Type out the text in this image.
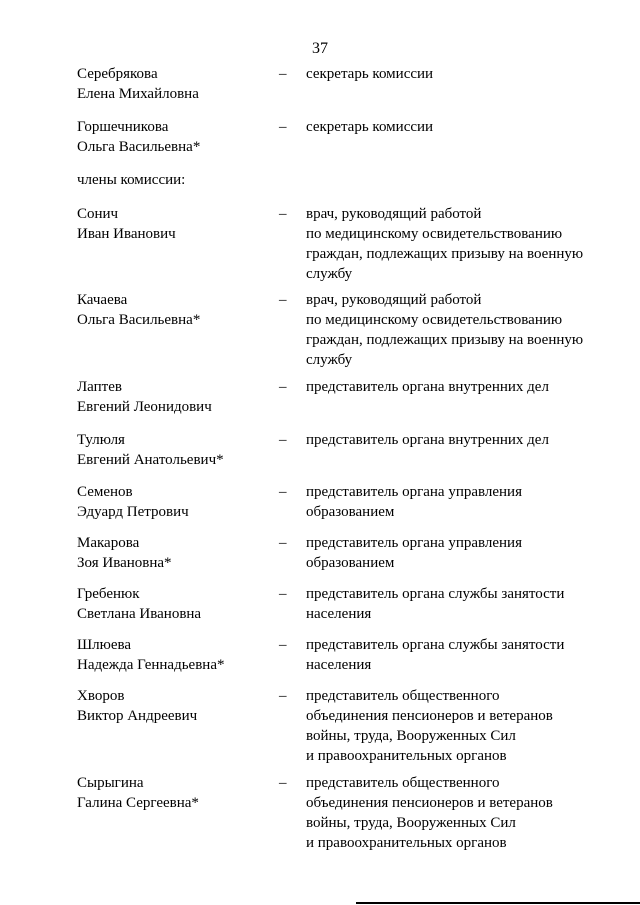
37
Серебрякова
Елена Михайловна
– секретарь комиссии
Горшечникова
Ольга Васильевна*
– секретарь комиссии
члены комиссии:
Сонич
Иван Иванович
– врач, руководящий работой
по медицинскому освидетельствованию
граждан, подлежащих призыву на военную
службу
Качаева
Ольга Васильевна*
– врач, руководящий работой
по медицинскому освидетельствованию
граждан, подлежащих призыву на военную
службу
Лаптев
Евгений Леонидович
– представитель органа внутренних дел
Тулюля
Евгений Анатольевич*
– представитель органа внутренних дел
Семенов
Эдуард Петрович
– представитель органа управления
образованием
Макарова
Зоя Ивановна*
– представитель органа управления
образованием
Гребенюк
Светлана Ивановна
– представитель органа службы занятости
населения
Шлюева
Надежда Геннадьевна*
– представитель органа службы занятости
населения
Хворов
Виктор Андреевич
– представитель общественного
объединения пенсионеров и ветеранов
войны, труда, Вооруженных Сил
и правоохранительных органов
Сырыгина
Галина Сергеевна*
– представитель общественного
объединения пенсионеров и ветеранов
войны, труда, Вооруженных Сил
и правоохранительных органов
